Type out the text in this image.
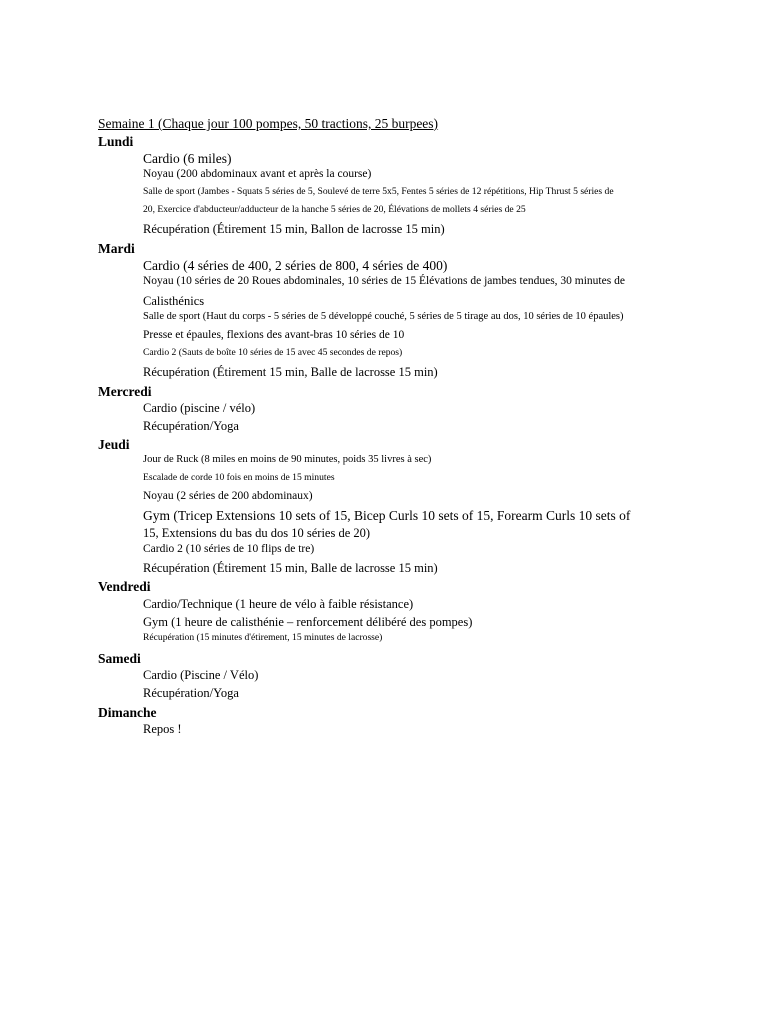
Semaine 1 (Chaque jour 100 pompes, 50 tractions, 25 burpees)
Lundi
Cardio (6 miles)
Noyau (200 abdominaux avant et après la course)
Salle de sport (Jambes - Squats 5 séries de 5, Soulevé de terre 5x5, Fentes 5 séries de 12 répétitions, Hip Thrust 5 séries de
20, Exercice d'abducteur/adducteur de la hanche 5 séries de 20, Élévations de mollets 4 séries de 25
Récupération (Étirement 15 min, Ballon de lacrosse 15 min)
Mardi
Cardio (4 séries de 400, 2 séries de 800, 4 séries de 400)
Noyau (10 séries de 20 Roues abdominales, 10 séries de 15 Élévations de jambes tendues, 30 minutes de
Calisthénics
Salle de sport (Haut du corps - 5 séries de 5 développé couché, 5 séries de 5 tirage au dos, 10 séries de 10 épaules)
Presse et épaules, flexions des avant-bras 10 séries de 10
Cardio 2 (Sauts de boîte 10 séries de 15 avec 45 secondes de repos)
Récupération (Étirement 15 min, Balle de lacrosse 15 min)
Mercredi
Cardio (piscine / vélo)
Récupération/Yoga
Jeudi
Jour de Ruck (8 miles en moins de 90 minutes, poids 35 livres à sec)
Escalade de corde 10 fois en moins de 15 minutes
Noyau (2 séries de 200 abdominaux)
Gym (Tricep Extensions 10 sets of 15, Bicep Curls 10 sets of 15, Forearm Curls 10 sets of
15, Extensions du bas du dos 10 séries de 20)
Cardio 2 (10 séries de 10 flips de tre)
Récupération (Étirement 15 min, Balle de lacrosse 15 min)
Vendredi
Cardio/Technique (1 heure de vélo à faible résistance)
Gym (1 heure de calisthénie – renforcement délibéré des pompes)
Récupération (15 minutes d'étirement, 15 minutes de lacrosse)
Samedi
Cardio (Piscine / Vélo)
Récupération/Yoga
Dimanche
Repos !
